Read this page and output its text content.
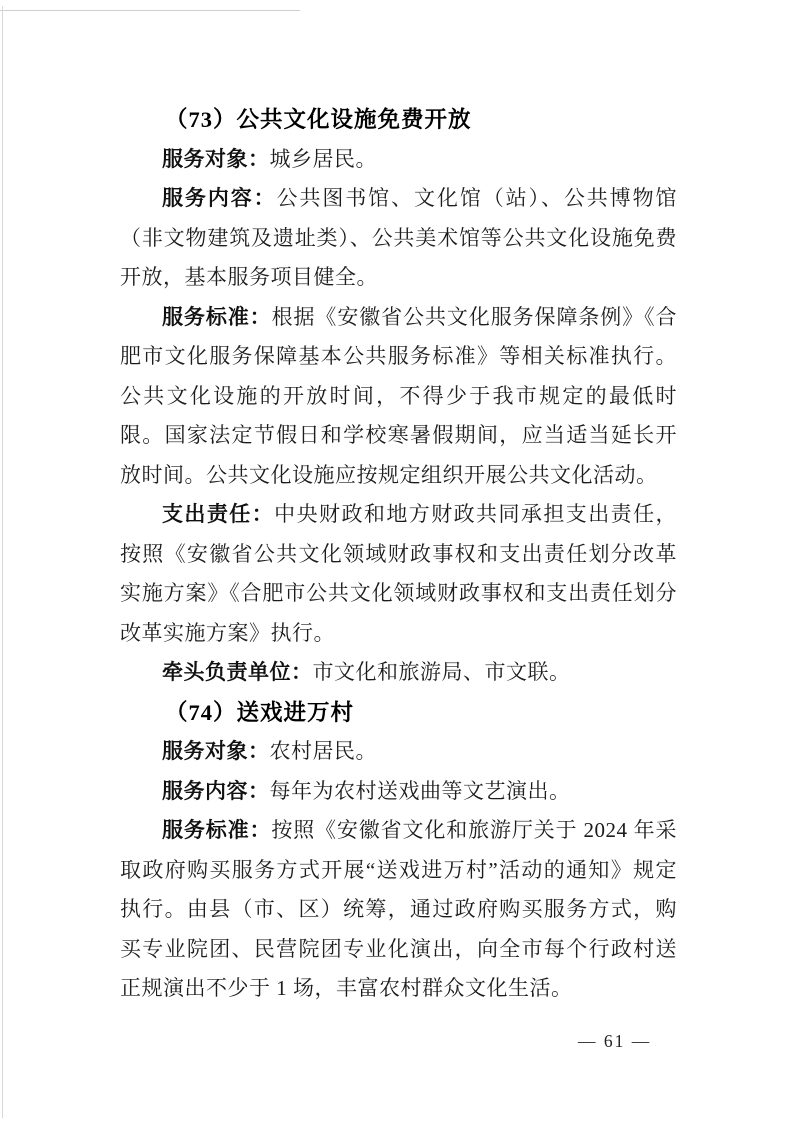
（73）公共文化设施免费开放

服务对象：城乡居民。

服务内容：公共图书馆、文化馆（站）、公共博物馆（非文物建筑及遗址类）、公共美术馆等公共文化设施免费开放，基本服务项目健全。

服务标准：根据《安徽省公共文化服务保障条例》《合肥市文化服务保障基本公共服务标准》等相关标准执行。公共文化设施的开放时间，不得少于我市规定的最低时限。国家法定节假日和学校寒暑假期间，应当适当延长开放时间。公共文化设施应按规定组织开展公共文化活动。

支出责任：中央财政和地方财政共同承担支出责任，按照《安徽省公共文化领域财政事权和支出责任划分改革实施方案》《合肥市公共文化领域财政事权和支出责任划分改革实施方案》执行。

牵头负责单位：市文化和旅游局、市文联。

（74）送戏进万村

服务对象：农村居民。

服务内容：每年为农村送戏曲等文艺演出。

服务标准：按照《安徽省文化和旅游厅关于 2024 年采取政府购买服务方式开展“送戏进万村”活动的通知》规定执行。由县（市、区）统筹，通过政府购买服务方式，购买专业院团、民营院团专业化演出，向全市每个行政村送正规演出不少于 1 场，丰富农村群众文化生活。

— 61 —
